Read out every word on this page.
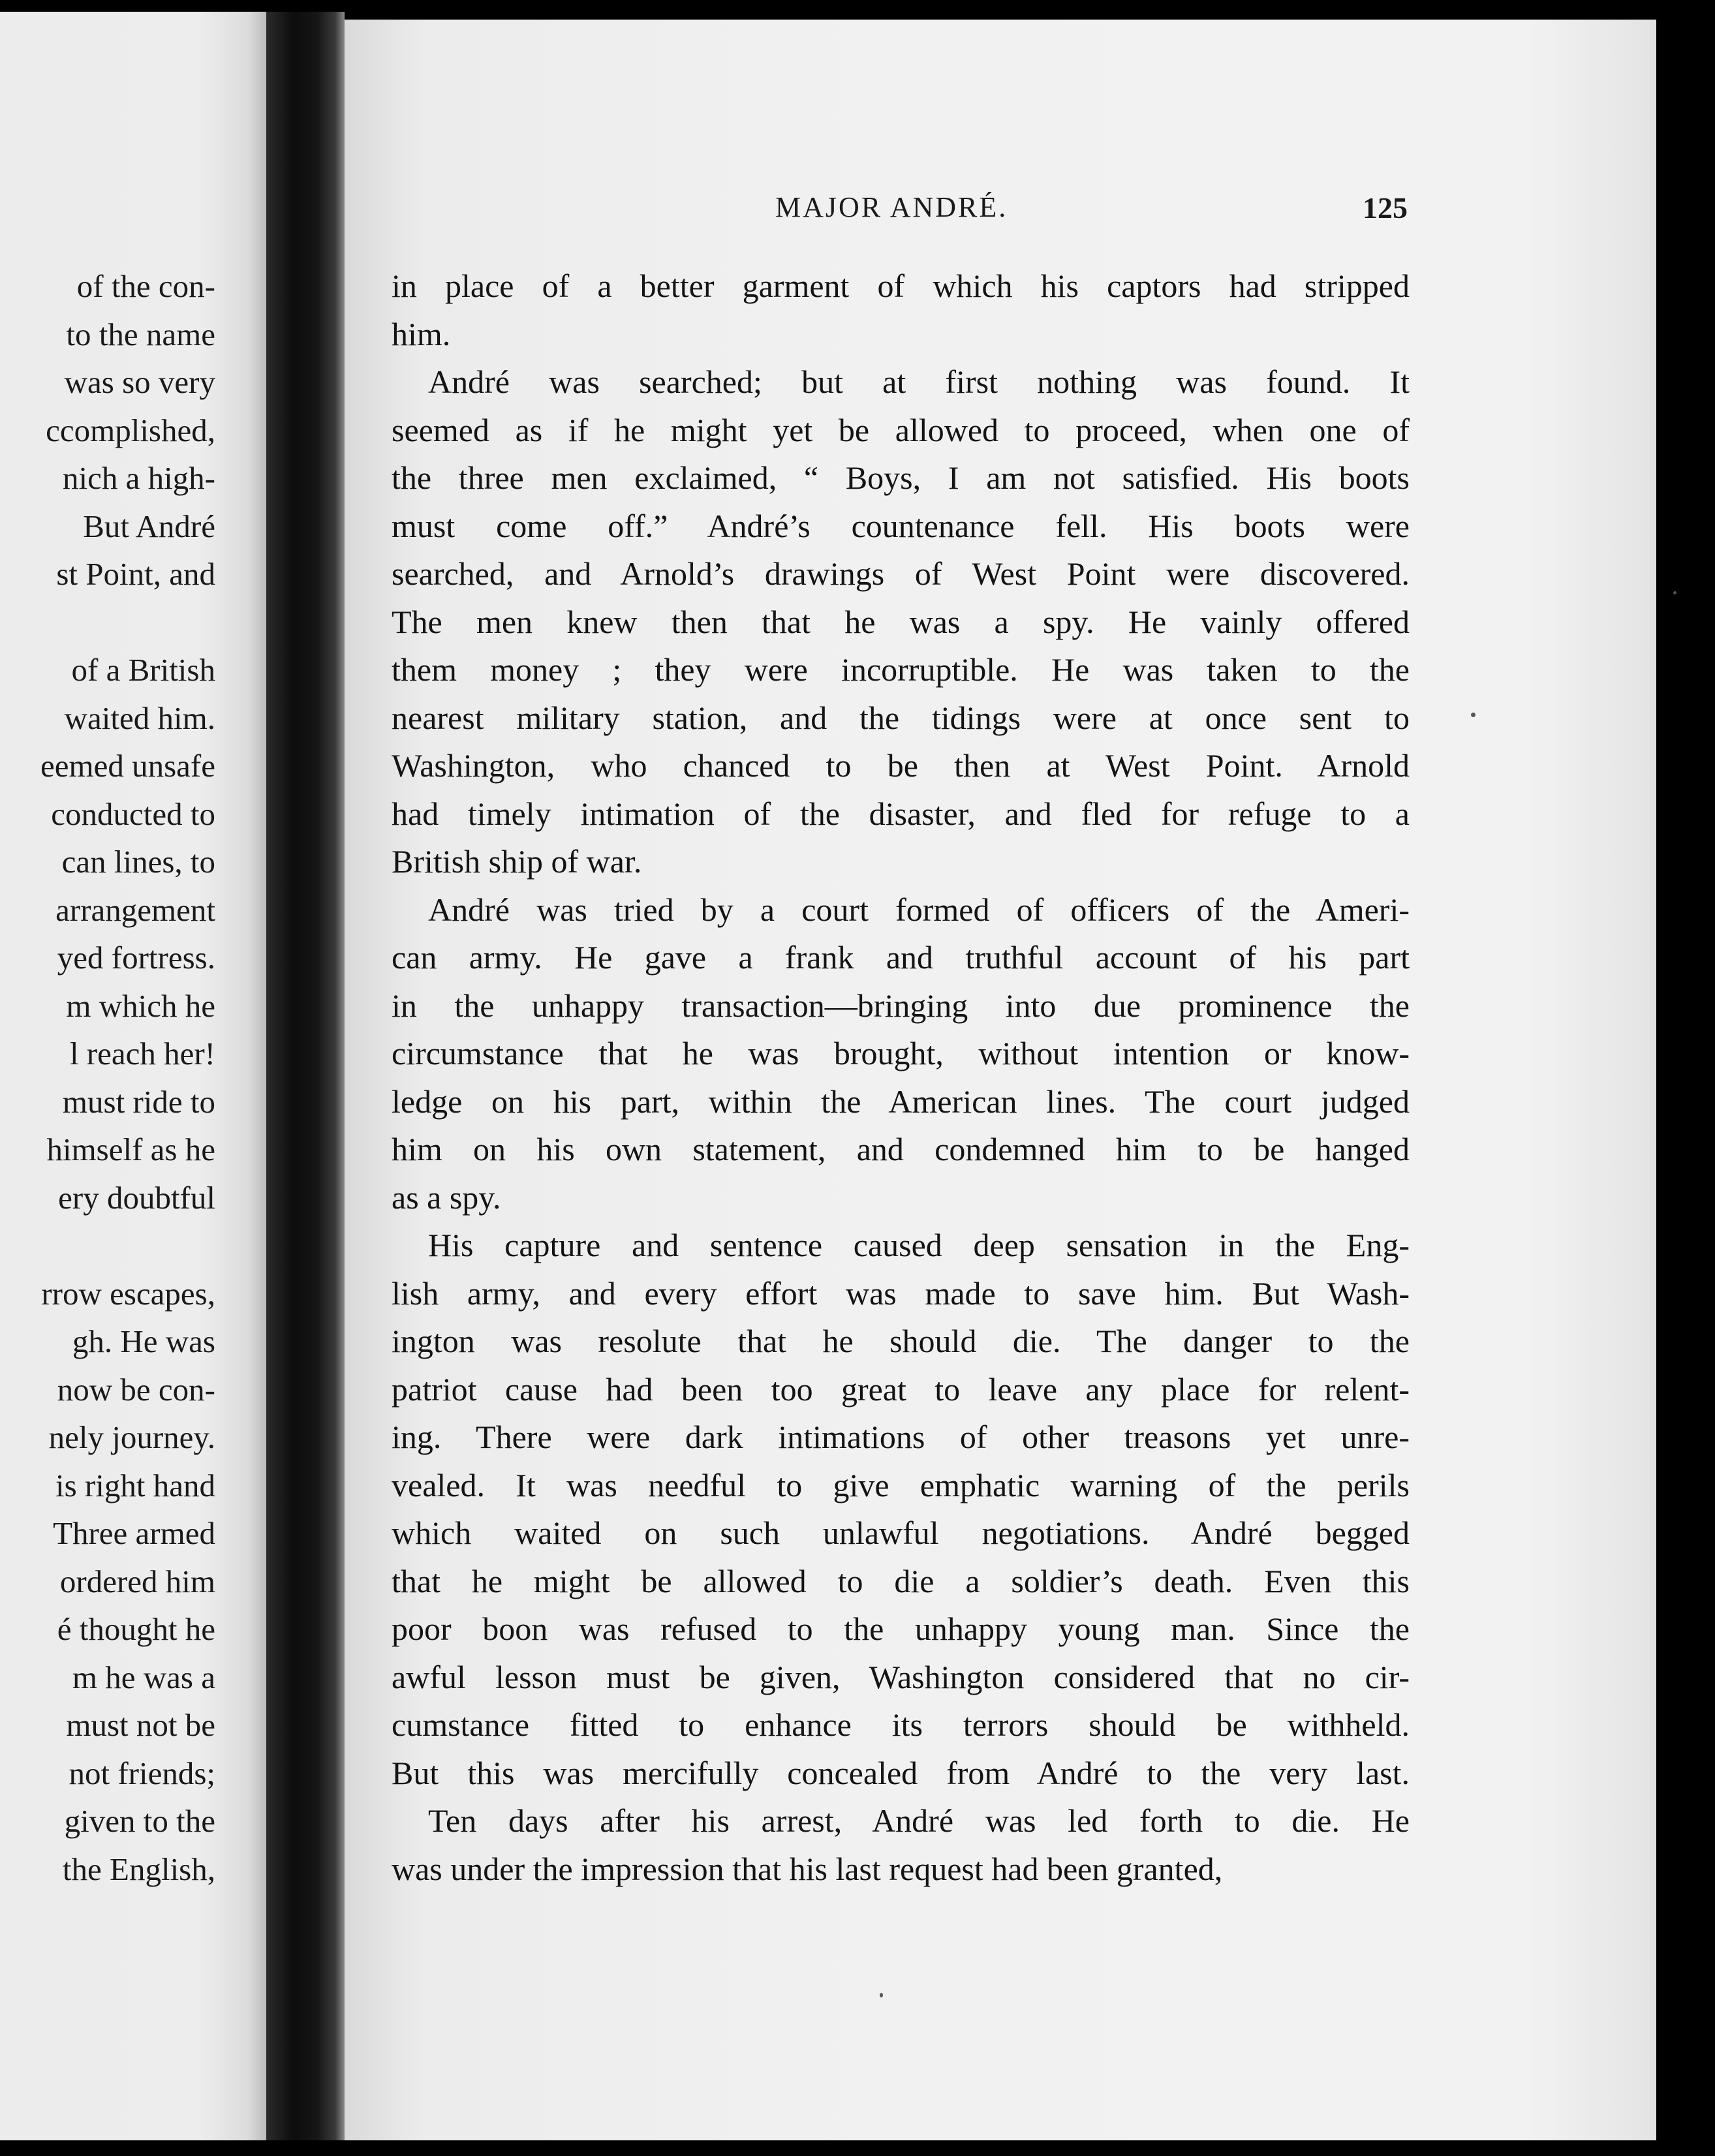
of the con-
to the name
was so very
ccomplished,
nich a high-
But André
st Point, and
of a British
waited him.
eemed unsafe
conducted to
can lines, to
arrangement
yed fortress.
m which he
l reach her!
must ride to
himself as he
ery doubtful
rrow escapes,
gh. He was
now be con-
nely journey.
is right hand
Three armed
ordered him
é thought he
m he was a
must not be
not friends;
given to the
the English,
MAJOR ANDRÉ.	125
in place of a better garment of which his captors had stripped
him.
André was searched; but at first nothing was found. It
seemed as if he might yet be allowed to proceed, when one of
the three men exclaimed, “ Boys, I am not satisfied. His boots
must come off.” André’s countenance fell. His boots were
searched, and Arnold’s drawings of West Point were discovered.
The men knew then that he was a spy. He vainly offered
them money ; they were incorruptible. He was taken to the
nearest military station, and the tidings were at once sent to
Washington, who chanced to be then at West Point. Arnold
had timely intimation of the disaster, and fled for refuge to a
British ship of war.
André was tried by a court formed of officers of the Ameri-
can army. He gave a frank and truthful account of his part
in the unhappy transaction—bringing into due prominence the
circumstance that he was brought, without intention or know-
ledge on his part, within the American lines. The court judged
him on his own statement, and condemned him to be hanged
as a spy.
His capture and sentence caused deep sensation in the Eng-
lish army, and every effort was made to save him. But Wash-
ington was resolute that he should die. The danger to the
patriot cause had been too great to leave any place for relent-
ing. There were dark intimations of other treasons yet unre-
vealed. It was needful to give emphatic warning of the perils
which waited on such unlawful negotiations. André begged
that he might be allowed to die a soldier’s death. Even this
poor boon was refused to the unhappy young man. Since the
awful lesson must be given, Washington considered that no cir-
cumstance fitted to enhance its terrors should be withheld.
But this was mercifully concealed from André to the very last.
Ten days after his arrest, André was led forth to die. He
was under the impression that his last request had been granted,
